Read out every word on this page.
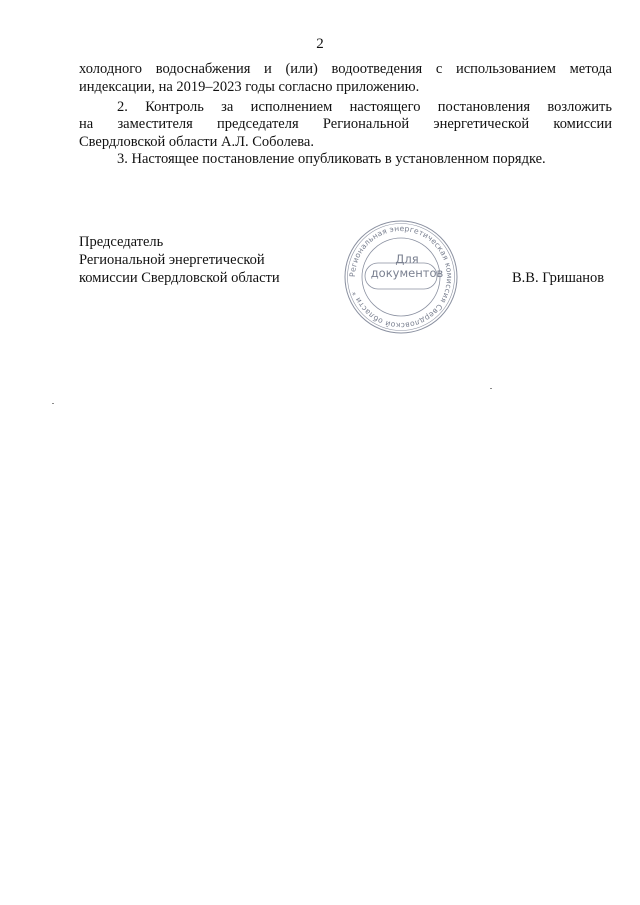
2
холодного водоснабжения и (или) водоотведения с использованием метода
индексации, на 2019–2023 годы согласно приложению.
2. Контроль за исполнением настоящего постановления возложить
на заместителя председателя Региональной энергетической комиссии
Свердловской области А.Л. Соболева.
3. Настоящее постановление опубликовать в установленном порядке.
Председатель
Региональной энергетической
комиссии Свердловской области	Региональная энергетическая комиссия Свердловской области *
Для
документов	В.В. Гришанов
